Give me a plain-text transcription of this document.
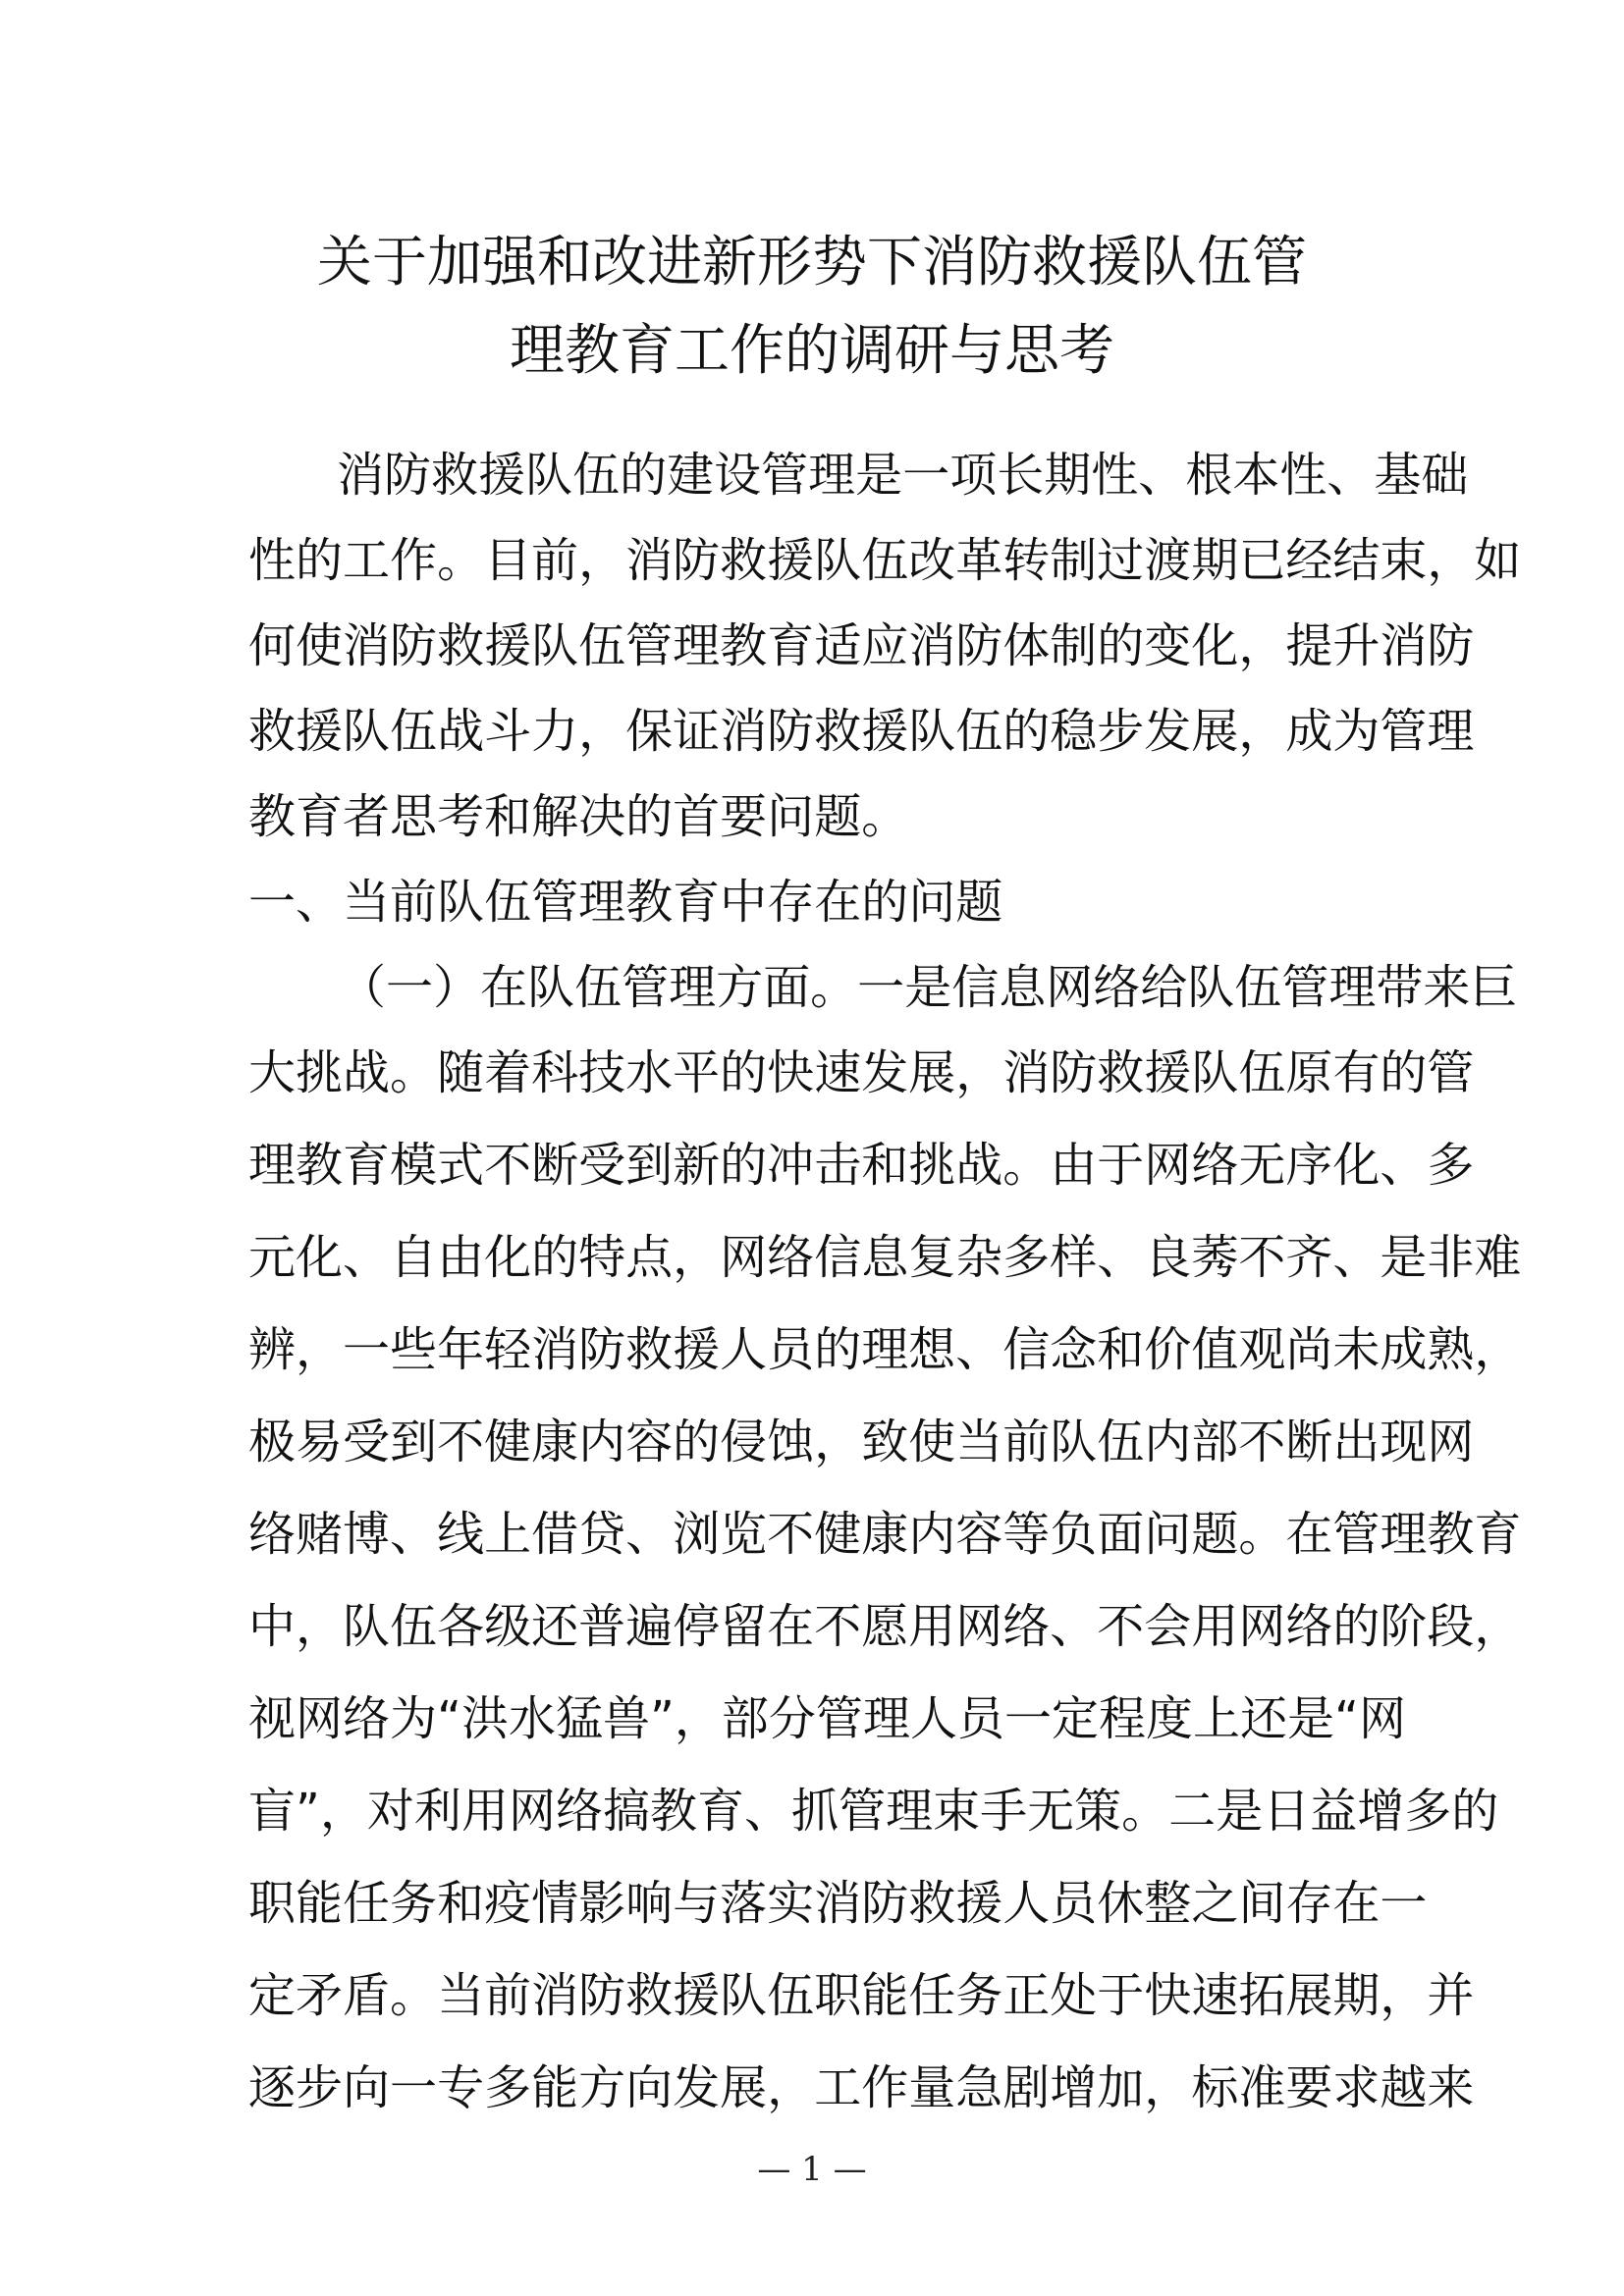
关于加强和改进新形势下消防救援队伍管
理教育工作的调研与思考
消 防 救 援 队 伍 的 建 设 管 理 是 一 项 长 期 性 、 根 本 性 、 基 础
性 的 工 作 。 目 前 ， 消 防 救 援 队 伍 改 革 转 制 过 渡 期 已 经 结 束 ， 如
何 使 消 防 救 援 队 伍 管 理 教 育 适 应 消 防 体 制 的 变 化 ， 提 升 消 防
救 援 队 伍 战 斗 力 ， 保 证 消 防 救 援 队 伍 的 稳 步 发 展 ， 成 为 管 理
教 育 者 思 考 和 解 决 的 首 要 问 题 。
一 、 当 前 队 伍 管 理 教 育 中 存 在 的 问 题
（ 一 ） 在 队 伍 管 理 方 面 。 一 是 信 息 网 络 给 队 伍 管 理 带 来 巨
大 挑 战 。 随 着 科 技 水 平 的 快 速 发 展 ， 消 防 救 援 队 伍 原 有 的 管
理 教 育 模 式 不 断 受 到 新 的 冲 击 和 挑 战 。 由 于 网 络 无 序 化 、 多
元 化 、 自 由 化 的 特 点 ， 网 络 信 息 复 杂 多 样 、 良 莠 不 齐 、 是 非 难
辨 ， 一 些 年 轻 消 防 救 援 人 员 的 理 想 、 信 念 和 价 值 观 尚 未 成 熟 ，
极 易 受 到 不 健 康 内 容 的 侵 蚀 ， 致 使 当 前 队 伍 内 部 不 断 出 现 网
络 赌 博 、 线 上 借 贷 、 浏 览 不 健 康 内 容 等 负 面 问 题 。 在 管 理 教 育
中 ， 队 伍 各 级 还 普 遍 停 留 在 不 愿 用 网 络 、 不 会 用 网 络 的 阶 段 ，
视 网 络 为 “ 洪 水 猛 兽 ” ， 部 分 管 理 人 员 一 定 程 度 上 还 是 “ 网
盲 ” ， 对 利 用 网 络 搞 教 育 、 抓 管 理 束 手 无 策 。 二 是 日 益 增 多 的
职 能 任 务 和 疫 情 影 响 与 落 实 消 防 救 援 人 员 休 整 之 间 存 在 一
定 矛 盾 。 当 前 消 防 救 援 队 伍 职 能 任 务 正 处 于 快 速 拓 展 期 ， 并
逐 步 向 一 专 多 能 方 向 发 展 ， 工 作 量 急 剧 增 加 ， 标 准 要 求 越 来
— 1 —
